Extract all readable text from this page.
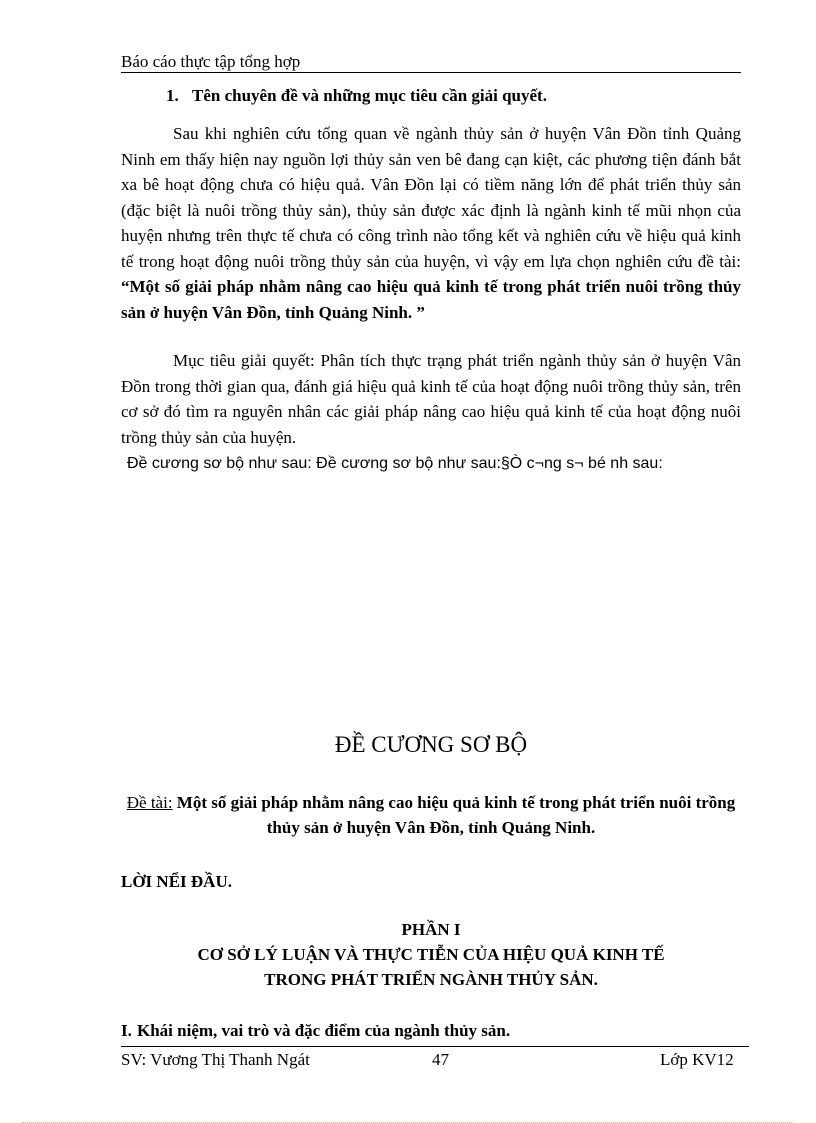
Báo cáo thực tập tổng hợp
1. Tên chuyên đề và những mục tiêu cần giải quyết.
Sau khi nghiên cứu tổng quan về ngành thủy sản ở huyện Vân Đồn tỉnh Quảng Ninh em thấy hiện nay nguồn lợi thủy sản ven bê đang cạn kiệt, các phương tiện đánh bắt xa bê hoạt động chưa có hiệu quả. Vân Đồn lại có tiềm năng lớn để phát triển thủy sản (đặc biệt là nuôi trồng thủy sản), thủy sản được xác định là ngành kinh tế mũi nhọn của huyện nhưng trên thực tế chưa có công trình nào tổng kết và nghiên cứu về hiệu quả kinh tế trong hoạt động nuôi trồng thủy sản của huyện, vì vậy em lựa chọn nghiên cứu đề tài: “Một số giải pháp nhằm nâng cao hiệu quả kinh tế trong phát triển nuôi trồng thủy sản ở huyện Vân Đồn, tỉnh Quảng Ninh. ”
Mục tiêu giải quyết: Phân tích thực trạng phát triển ngành thủy sản ở huyện Vân Đồn trong thời gian qua, đánh giá hiệu quả kinh tế của hoạt động nuôi trồng thủy sản, trên cơ sở đó tìm ra nguyên nhân các giải pháp nâng cao hiệu quả kinh tế của hoạt động nuôi trồng thủy sản của huyện.
Đề cương sơ bộ như sau: Đề cương sơ bộ như sau:§Ò c¬ng s¬ bé nh sau:
ĐỀ CƯƠNG SƠ BỘ
Đề tài: Một số giải pháp nhằm nâng cao hiệu quả kinh tế trong phát triển nuôi trồng thủy sản ở huyện Vân Đồn, tỉnh Quảng Ninh.
LỜI NỂI ĐẦU.
PHẦN I
CƠ SỞ LÝ LUẬN VÀ THỰC TIỄN CỦA HIỆU QUẢ KINH TẾ
TRONG PHÁT TRIỂN NGÀNH THỦY SẢN.
I. Khái niệm, vai trò và đặc điểm của ngành thủy sản.
SV: Vương Thị Thanh Ngát	47	Lớp KV12
